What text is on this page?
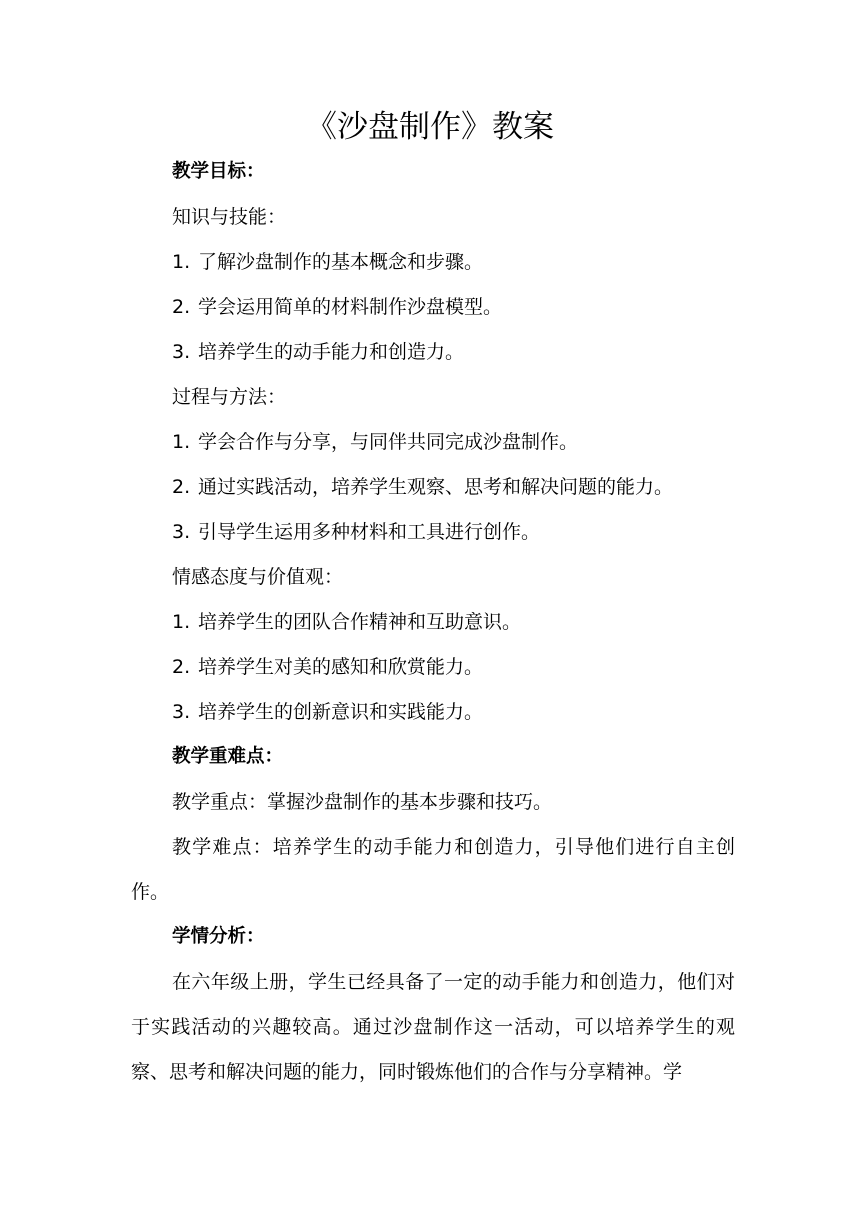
《沙盘制作》教案

教学目标：

知识与技能：

1. 了解沙盘制作的基本概念和步骤。

2. 学会运用简单的材料制作沙盘模型。

3. 培养学生的动手能力和创造力。

过程与方法：

1. 学会合作与分享，与同伴共同完成沙盘制作。

2. 通过实践活动，培养学生观察、思考和解决问题的能力。

3. 引导学生运用多种材料和工具进行创作。

情感态度与价值观：

1. 培养学生的团队合作精神和互助意识。

2. 培养学生对美的感知和欣赏能力。

3. 培养学生的创新意识和实践能力。

教学重难点：

教学重点：掌握沙盘制作的基本步骤和技巧。

教学难点：培养学生的动手能力和创造力，引导他们进行自主创作。

学情分析：

在六年级上册，学生已经具备了一定的动手能力和创造力，他们对于实践活动的兴趣较高。通过沙盘制作这一活动，可以培养学生的观察、思考和解决问题的能力，同时锻炼他们的合作与分享精神。学
